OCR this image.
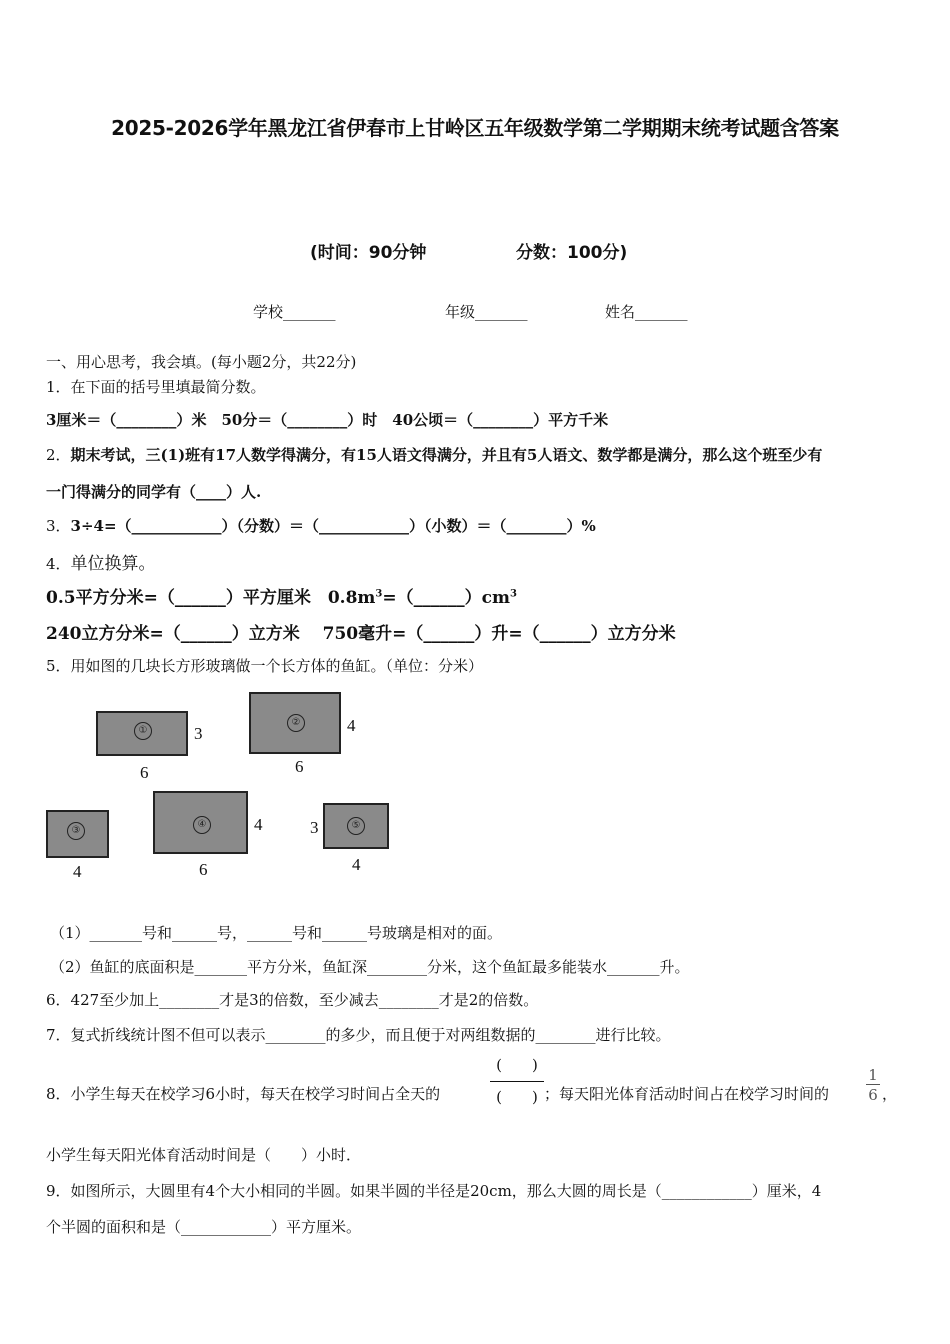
2025-2026学年黑龙江省伊春市上甘岭区五年级数学第二学期期末统考试题含答案
(时间：90分钟	分数：100分)
学校_______	年级_______	姓名_______
一、用心思考，我会填。(每小题2分，共22分)
1．在下面的括号里填最简分数。
3厘米＝（________）米　50分＝（________）时　40公顷＝（________）平方千米
2．期末考试，三(1)班有17人数学得满分，有15人语文得满分，并且有5人语文、数学都是满分，那么这个班至少有
一门得满分的同学有（____）人.
3．3÷4=（____________）（分数）＝（____________）（小数）＝（________）%
4．单位换算。
0.5平方分米=（______）平方厘米　$0.8m^3=(\_\_\_\_\_\_)cm^3$
240立方分米=（______）立方米　 750毫升=（______）升=（______）立方分米
5．用如图的几块长方形玻璃做一个长方体的鱼缸。（单位：分米）
①	3
6
②	4
6
③
4
④	4
6
⑤
3
4
（1）_______号和______号，______号和______号玻璃是相对的面。
（2）鱼缸的底面积是_______平方分米，鱼缸深________分米，这个鱼缸最多能装水_______升。
6．427至少加上________才是3的倍数，至少减去________才是2的倍数。
7．复式折线统计图不但可以表示________的多少，而且便于对两组数据的________进行比较。
8．小学生每天在校学习6小时，每天在校学习时间占全天的
(　　)
(　　) ；每天阳光体育活动时间占在校学习时间的 $\frac{1}{6}$ ，
小学生每天阳光体育活动时间是（　　）小时．
9．如图所示，大圆里有4个大小相同的半圆。如果半圆的半径是20cm，那么大圆的周长是（____________）厘米，4
个半圆的面积和是（____________）平方厘米。
